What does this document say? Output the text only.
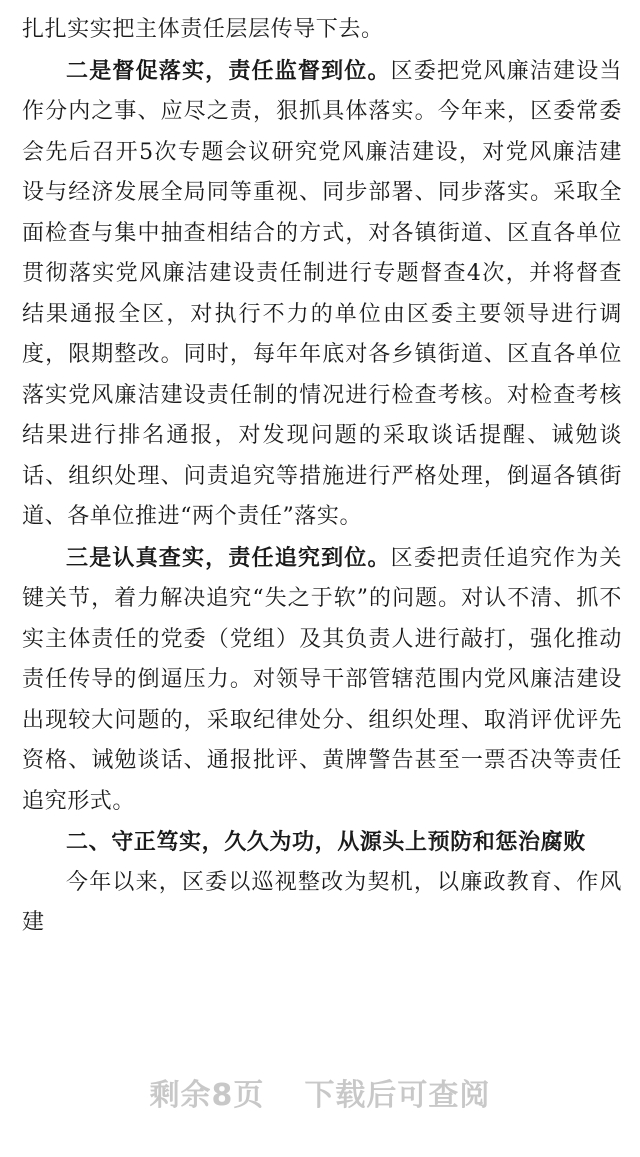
扎扎实实把主体责任层层传导下去。

二是督促落实，责任监督到位。区委把党风廉洁建设当作分内之事、应尽之责，狠抓具体落实。今年来，区委常委会先后召开5次专题会议研究党风廉洁建设，对党风廉洁建设与经济发展全局同等重视、同步部署、同步落实。采取全面检查与集中抽查相结合的方式，对各镇街道、区直各单位贯彻落实党风廉洁建设责任制进行专题督查4次，并将督查结果通报全区，对执行不力的单位由区委主要领导进行调度，限期整改。同时，每年年底对各乡镇街道、区直各单位落实党风廉洁建设责任制的情况进行检查考核。对检查考核结果进行排名通报，对发现问题的采取谈话提醒、诫勉谈话、组织处理、问责追究等措施进行严格处理，倒逼各镇街道、各单位推进“两个责任”落实。

三是认真查实，责任追究到位。区委把责任追究作为关键关节，着力解决追究“失之于软”的问题。对认不清、抓不实主体责任的党委（党组）及其负责人进行敲打，强化推动责任传导的倒逼压力。对领导干部管辖范围内党风廉洁建设出现较大问题的，采取纪律处分、组织处理、取消评优评先资格、诫勉谈话、通报批评、黄牌警告甚至一票否决等责任追究形式。

二、守正笃实，久久为功，从源头上预防和惩治腐败

今年以来，区委以巡视整改为契机，以廉政教育、作风建

剩余8页 下载后可查阅
